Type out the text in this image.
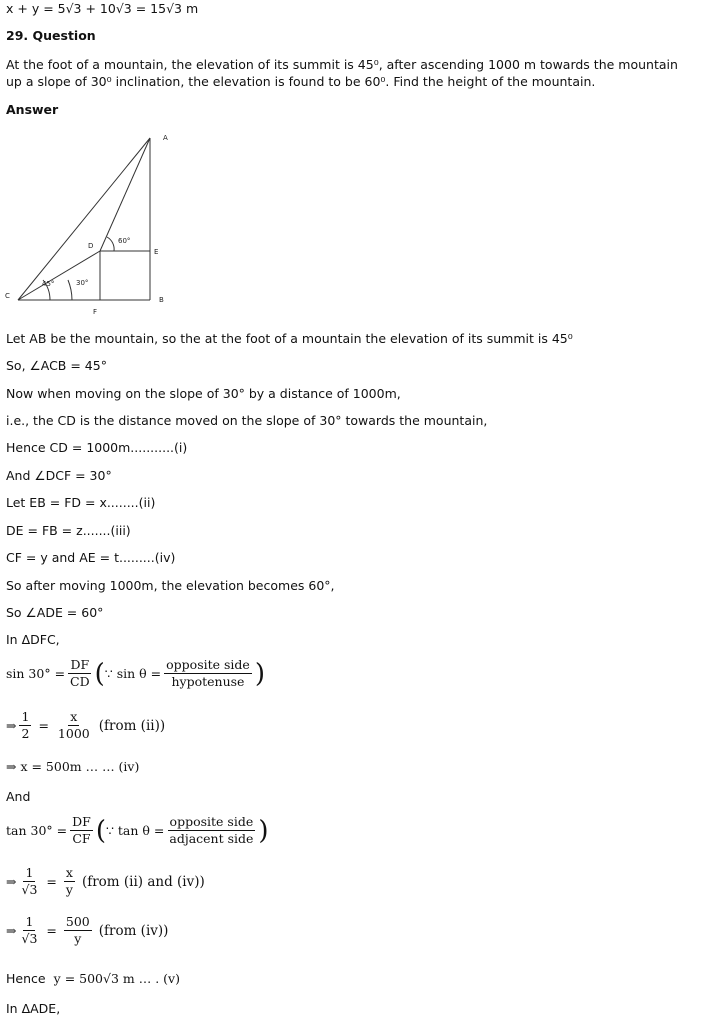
x + y = 5√3 + 10√3 = 15√3 m
29. Question
At the foot of a mountain, the elevation of its summit is 45⁰, after ascending 1000 m towards the mountain
up a slope of 30⁰ inclination, the elevation is found to be 60⁰. Find the height of the mountain.
Answer
A
B
C
D
E
F
45°	30°
60°
Let AB be the mountain, so the at the foot of a mountain the elevation of its summit is 45⁰
So, ∠ACB = 45°
Now when moving on the slope of 30° by a distance of 1000m,
i.e., the CD is the distance moved on the slope of 30° towards the mountain,
Hence CD = 1000m...........(i)
And ∠DCF = 30°
Let EB = FD = x........(ii)
DE = FB = z.......(iii)
CF = y and AE = t.........(iv)
So after moving 1000m, the elevation becomes 60°,
So ∠ADE = 60°
In ΔDFC,
$\sin 30^\circ = \frac{DF}{CD}$ ( ∵ $\sin \theta = \frac{\text{opposite side}}{\text{hypotenuse}}$ )
⇒ $\frac{1}{2} = \frac{x}{1000}$ (from (ii))
⇒ x = 500m … … (iv)
And
$\tan 30^\circ = \frac{DF}{CF}$ ( ∵ $\tan \theta = \frac{\text{opposite side}}{\text{adjacent side}}$ )
⇒ $\frac{1}{√3} = \frac{x}{y}$ (from (ii) and (iv))
⇒ $\frac{1}{√3} = \frac{500}{y}$ (from (iv))
Hence y = 500√3 m … . (v)
In ΔADE,
